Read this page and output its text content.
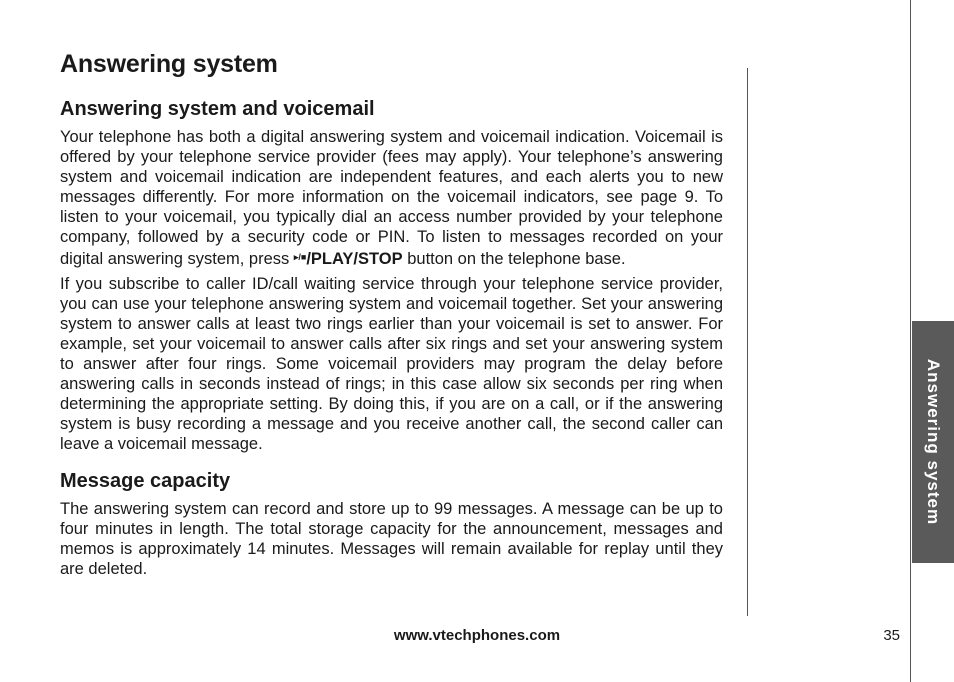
Answering system
Answering system and voicemail

Your telephone has both a digital answering system and voicemail indication. Voicemail is offered by your telephone service provider (fees may apply). Your telephone’s answering system and voicemail indication are independent features, and each alerts you to new messages differently. For more information on the voicemail indicators, see page 9. To listen to your voicemail, you typically dial an access number provided by your telephone company, followed by a security code or PIN. To listen to messages recorded on your digital answering system, press ▸/■/PLAY/STOP button on the telephone base.

If you subscribe to caller ID/call waiting service through your telephone service provider, you can use your telephone answering system and voicemail together. Set your answering system to answer calls at least two rings earlier than your voicemail is set to answer. For example, set your voicemail to answer calls after six rings and set your answering system to answer after four rings. Some voicemail providers may program the delay before answering calls in seconds instead of rings; in this case allow six seconds per ring when determining the appropriate setting. By doing this, if you are on a call, or if the answering system is busy recording a message and you receive another call, the second caller can leave a voicemail message.

Message capacity

The answering system can record and store up to 99 messages. A message can be up to four minutes in length. The total storage capacity for the announcement, messages and memos is approximately 14 minutes. Messages will remain available for replay until they are deleted.

Answering system
www.vtechphones.com	35
